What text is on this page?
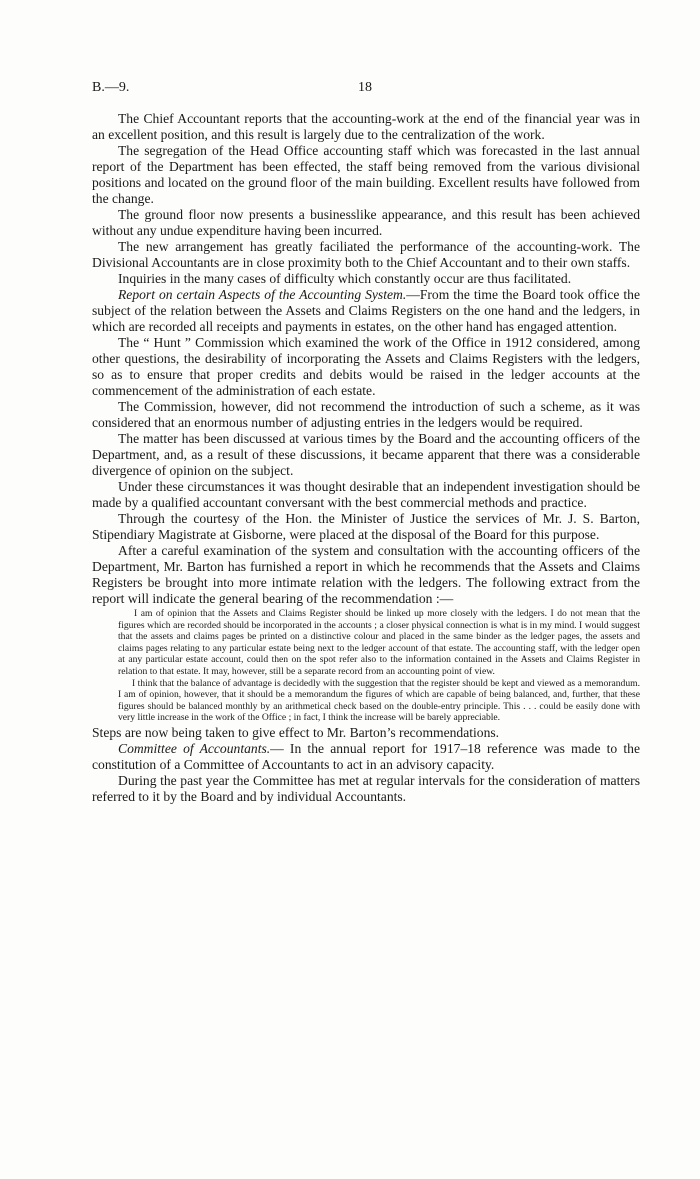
B.—9.	18

The Chief Accountant reports that the accounting-work at the end of the financial year was in an excellent position, and this result is largely due to the centralization of the work.

The segregation of the Head Office accounting staff which was forecasted in the last annual report of the Department has been effected, the staff being removed from the various divisional positions and located on the ground floor of the main building. Excellent results have followed from the change.

The ground floor now presents a businesslike appearance, and this result has been achieved without any undue expenditure having been incurred.

The new arrangement has greatly faciliated the performance of the accounting-work. The Divisional Accountants are in close proximity both to the Chief Accountant and to their own staffs.

Inquiries in the many cases of difficulty which constantly occur are thus facilitated.

Report on certain Aspects of the Accounting System.—From the time the Board took office the subject of the relation between the Assets and Claims Registers on the one hand and the ledgers, in which are recorded all receipts and payments in estates, on the other hand has engaged attention.

The “ Hunt ” Commission which examined the work of the Office in 1912 considered, among other questions, the desirability of incorporating the Assets and Claims Registers with the ledgers, so as to ensure that proper credits and debits would be raised in the ledger accounts at the commencement of the administration of each estate.

The Commission, however, did not recommend the introduction of such a scheme, as it was considered that an enormous number of adjusting entries in the ledgers would be required.

The matter has been discussed at various times by the Board and the accounting officers of the Department, and, as a result of these discussions, it became apparent that there was a considerable divergence of opinion on the subject.

Under these circumstances it was thought desirable that an independent investigation should be made by a qualified accountant conversant with the best commercial methods and practice.

Through the courtesy of the Hon. the Minister of Justice the services of Mr. J. S. Barton, Stipendiary Magistrate at Gisborne, were placed at the disposal of the Board for this purpose.

After a careful examination of the system and consultation with the accounting officers of the Department, Mr. Barton has furnished a report in which he recommends that the Assets and Claims Registers be brought into more intimate relation with the ledgers. The following extract from the report will indicate the general bearing of the recommendation :—

I am of opinion that the Assets and Claims Register should be linked up more closely with the ledgers. I do not mean that the figures which are recorded should be incorporated in the accounts ; a closer physical connection is what is in my mind. I would suggest that the assets and claims pages be printed on a distinctive colour and placed in the same binder as the ledger pages, the assets and claims pages relating to any particular estate being next to the ledger account of that estate. The accounting staff, with the ledger open at any particular estate account, could then on the spot refer also to the information contained in the Assets and Claims Register in relation to that estate. It may, however, still be a separate record from an accounting point of view.

I think that the balance of advantage is decidedly with the suggestion that the register should be kept and viewed as a memorandum. I am of opinion, however, that it should be a memorandum the figures of which are capable of being balanced, and, further, that these figures should be balanced monthly by an arithmetical check based on the double-entry principle. This . . . could be easily done with very little increase in the work of the Office ; in fact, I think the increase will be barely appreciable.

Steps are now being taken to give effect to Mr. Barton’s recommendations.

Committee of Accountants.— In the annual report for 1917–18 reference was made to the constitution of a Committee of Accountants to act in an advisory capacity.

During the past year the Committee has met at regular intervals for the consideration of matters referred to it by the Board and by individual Accountants.
